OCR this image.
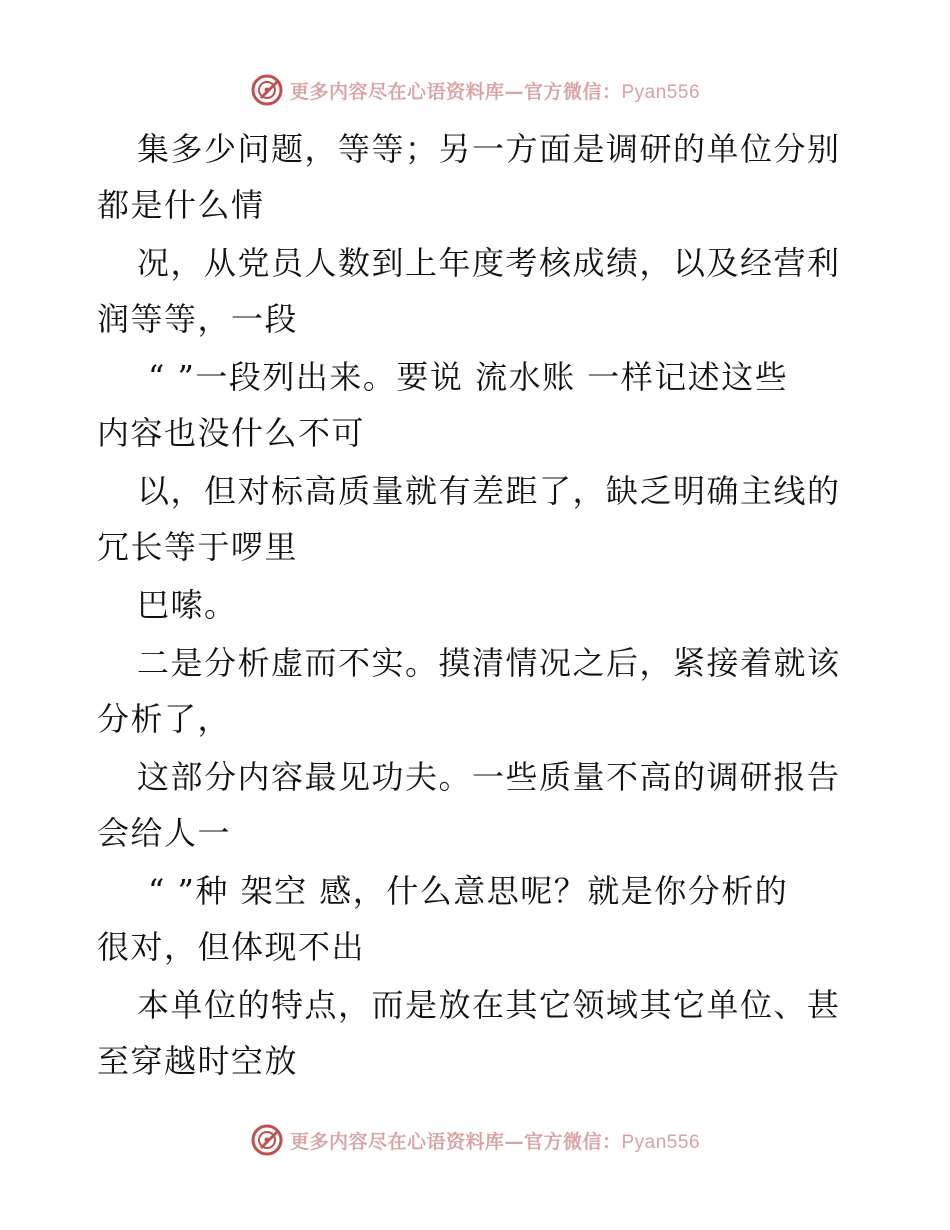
更多内容尽在心语资料库—官方微信：Pyan556
集多少问题，等等；另一方面是调研的单位分别
都是什么情
况，从党员人数到上年度考核成绩，以及经营利
润等等，一段
“ ”一段列出来。要说 流水账 一样记述这些
内容也没什么不可
以，但对标高质量就有差距了，缺乏明确主线的
冗长等于啰里
巴嗦。
二是分析虚而不实。摸清情况之后，紧接着就该
分析了，
这部分内容最见功夫。一些质量不高的调研报告
会给人一
“ ”种 架空 感，什么意思呢？就是你分析的
很对，但体现不出
本单位的特点，而是放在其它领域其它单位、甚
至穿越时空放
更多内容尽在心语资料库—官方微信：Pyan556
